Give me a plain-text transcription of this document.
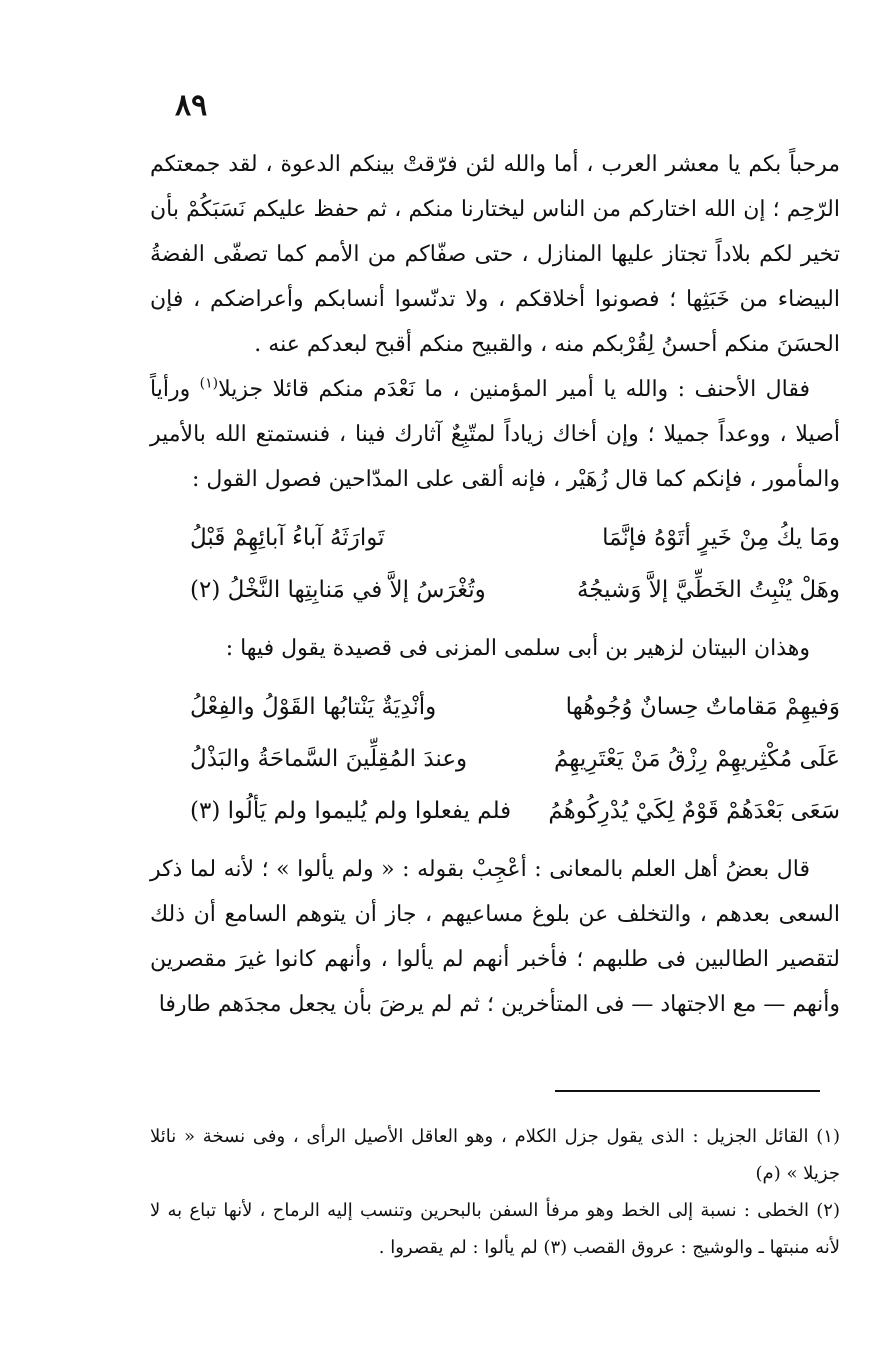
٨٩

مرحباً بكم يا معشر العرب ، أما والله لئن فرّقتْ بينكم الدعوة ، لقد جمعتكم الرّحِم ؛ إن الله اختاركم من الناس ليختارنا منكم ، ثم حفظ عليكم نَسَبَكُمْ بأن تخير لكم بلاداً تجتاز عليها المنازل ، حتى صفّاكم من الأمم كما تصفّى الفضةُ البيضاء من خَبَثِها ؛ فصونوا أخلاقكم ، ولا تدنّسوا أنسابكم وأعراضكم ، فإن الحسَنَ منكم أحسنُ لِقُرْبكم منه ، والقبيح منكم أقبح لبعدكم عنه .

فقال الأحنف : والله يا أمير المؤمنين ، ما نَعْدَم منكم قائلا جزيلا$^{(١)}$ ورأياً أصيلا ، ووعداً جميلا ؛ وإن أخاك زياداً لمتّبِعٌ آثارك فينا ، فنستمتع الله بالأمير والمأمور ، فإنكم كما قال زُهَيْر ، فإنه ألقى على المدّاحين فصول القول :

ومَا يكُ مِنْ خَيرٍ أتَوْهُ فإنَّمَا
تَوارَثَهُ آباءُ آبائِهِمْ قَبْلُ
وهَلْ يُنْبِتُ الخَطِّيَّ إلاَّ وَشيجُهُ
وتُغْرَسُ إلاَّ في مَنابِتِها النَّخْلُ (٢)

وهذان البيتان لزهير بن أبى سلمى المزنى فى قصيدة يقول فيها :

وَفيهِمْ مَقاماتٌ حِسانٌ وُجُوهُها
وأنْدِيَةٌ يَنْتابُها القَوْلُ والفِعْلُ
عَلَى مُكْثِريهِمْ رِزْقُ مَنْ يَعْتَرِيهِمُ
وعندَ المُقِلِّينَ السَّماحَةُ والبَذْلُ
سَعَى بَعْدَهُمْ قَوْمٌ لِكَيْ يُدْرِكُوهُمُ
فلم يفعلوا ولم يُليموا ولم يَألُوا (٣)

قال بعضُ أهل العلم بالمعانى : أعْجِبْ بقوله : « ولم يألوا » ؛ لأنه لما ذكر السعى بعدهم ، والتخلف عن بلوغ مساعيهم ، جاز أن يتوهم السامع أن ذلك لتقصير الطالبين فى طلبهم ؛ فأخبر أنهم لم يألوا ، وأنهم كانوا غيرَ مقصرين وأنهم — مع الاجتهاد — فى المتأخرين ؛ ثم لم يرضَ بأن يجعل مجدَهم طارفا

(١) القائل الجزيل : الذى يقول جزل الكلام ، وهو العاقل الأصيل الرأى ، وفى نسخة « نائلا جزيلا » (م)

(٢) الخطى : نسبة إلى الخط وهو مرفأ السفن بالبحرين وتنسب إليه الرماح ، لأنها تباع به لا لأنه منبتها ـ والوشيج : عروق القصب (٣) لم يألوا : لم يقصروا .
